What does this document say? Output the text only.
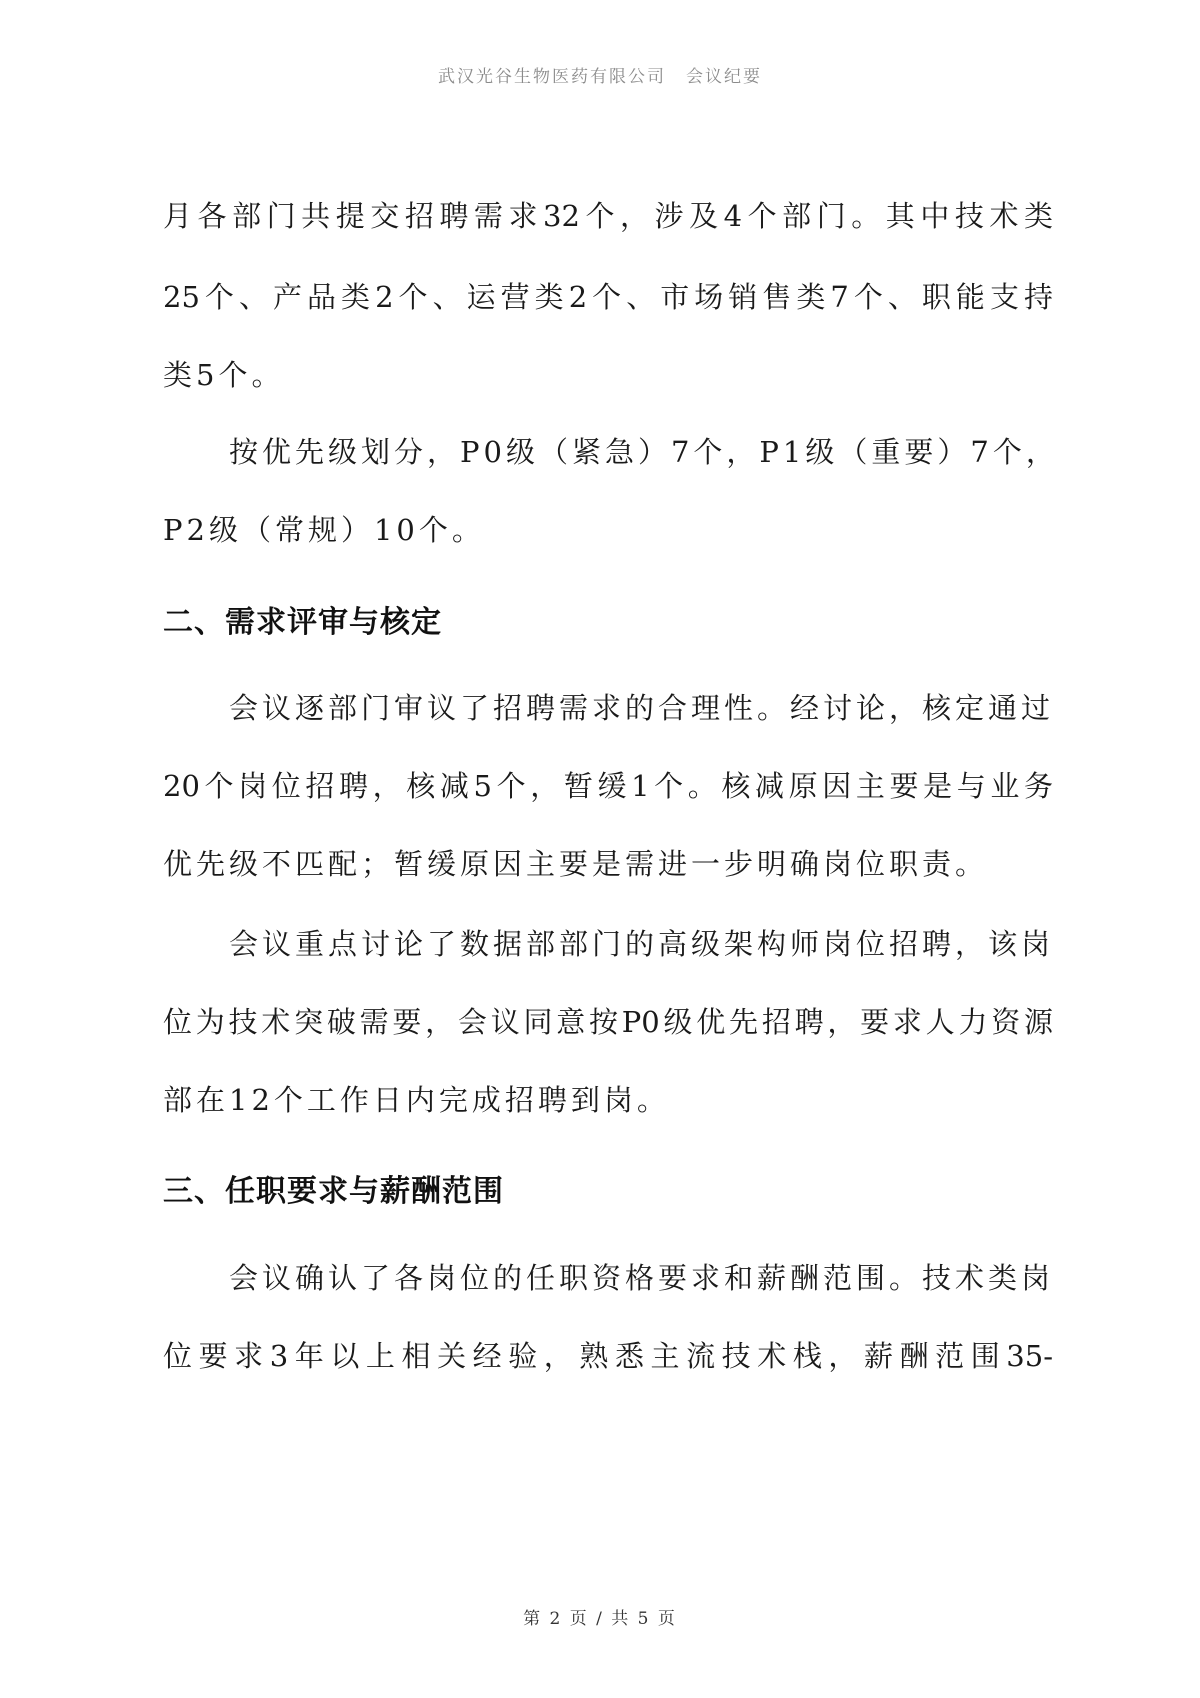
武汉光谷生物医药有限公司 会议纪要
月各部门共提交招聘需求32个，涉及4个部门。其中技术类
25个、产品类2个、运营类2个、市场销售类7个、职能支持
类5个。
按优先级划分，P0级（紧急）7个，P1级（重要）7个，
P2级（常规）10个。
二、需求评审与核定
会议逐部门审议了招聘需求的合理性。经讨论，核定通过
20个岗位招聘，核减5个，暂缓1个。核减原因主要是与业务
优先级不匹配；暂缓原因主要是需进一步明确岗位职责。
会议重点讨论了数据部部门的高级架构师岗位招聘，该岗
位为技术突破需要，会议同意按P0级优先招聘，要求人力资源
部在12个工作日内完成招聘到岗。
三、任职要求与薪酬范围
会议确认了各岗位的任职资格要求和薪酬范围。技术类岗
位要求3年以上相关经验，熟悉主流技术栈，薪酬范围35-
第 2 页 / 共 5 页
